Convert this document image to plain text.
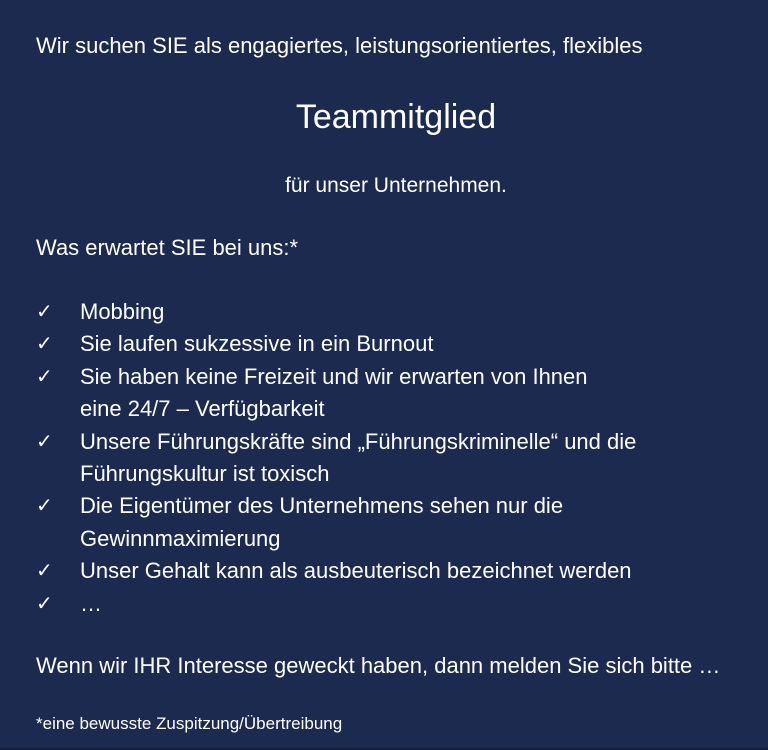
Wir suchen SIE als engagiertes, leistungsorientiertes, flexibles
Teammitglied
für unser Unternehmen.
Was erwartet SIE bei uns:*
✓	Mobbing
✓	Sie laufen sukzessive in ein Burnout
✓	Sie haben keine Freizeit und wir erwarten von Ihnen
eine 24/7 – Verfügbarkeit
✓	Unsere Führungskräfte sind „Führungskriminelle“ und die
Führungskultur ist toxisch
✓	Die Eigentümer des Unternehmens sehen nur die
Gewinnmaximierung
✓	Unser Gehalt kann als ausbeuterisch bezeichnet werden
✓	…
Wenn wir IHR Interesse geweckt haben, dann melden Sie sich bitte …
*eine bewusste Zuspitzung/Übertreibung
